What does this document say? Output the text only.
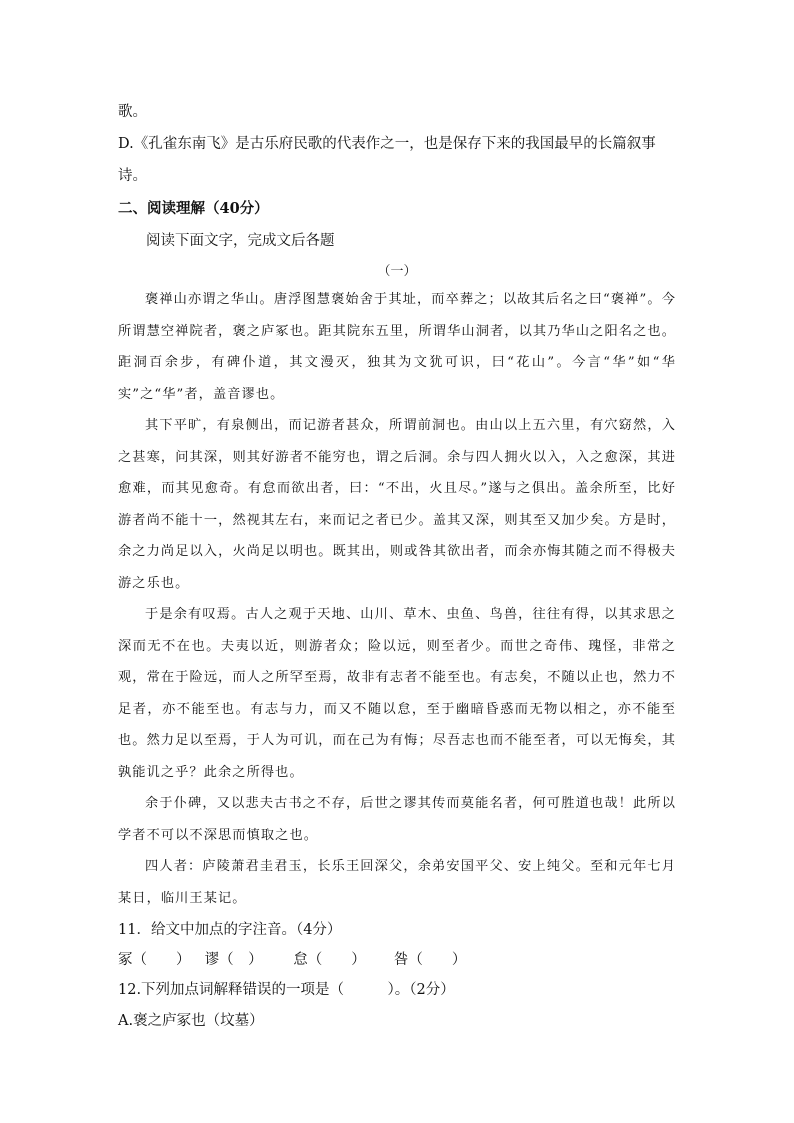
歌。
D.《孔雀东南飞》是古乐府民歌的代表作之一，也是保存下来的我国最早的长篇叙事
诗。
二、阅读理解（40分）
阅读下面文字，完成文后各题
（一）
褒禅山亦谓之华山。唐浮图慧褒始舍于其址，而卒葬之；以故其后名之曰“褒禅”。今所谓慧空禅院者，褒之庐冢也。距其院东五里，所谓华山洞者，以其乃华山之阳名之也。距洞百余步，有碑仆道，其文漫灭，独其为文犹可识，曰“花山”。今言“华”如“华实”之“华”者，盖音谬也。
其下平旷，有泉侧出，而记游者甚众，所谓前洞也。由山以上五六里，有穴窈然，入之甚寒，问其深，则其好游者不能穷也，谓之后洞。余与四人拥火以入，入之愈深，其进愈难，而其见愈奇。有怠而欲出者，曰：“不出，火且尽。”遂与之俱出。盖余所至，比好游者尚不能十一，然视其左右，来而记之者已少。盖其又深，则其至又加少矣。方是时，余之力尚足以入，火尚足以明也。既其出，则或咎其欲出者，而余亦悔其随之而不得极夫游之乐也。
于是余有叹焉。古人之观于天地、山川、草木、虫鱼、鸟兽，往往有得，以其求思之深而无不在也。夫夷以近，则游者众；险以远，则至者少。而世之奇伟、瑰怪，非常之观，常在于险远，而人之所罕至焉，故非有志者不能至也。有志矣，不随以止也，然力不足者，亦不能至也。有志与力，而又不随以怠，至于幽暗昏惑而无物以相之，亦不能至也。然力足以至焉，于人为可讥，而在己为有悔；尽吾志也而不能至者，可以无悔矣，其孰能讥之乎？此余之所得也。
余于仆碑，又以悲夫古书之不存，后世之谬其传而莫能名者，何可胜道也哉！此所以学者不可以不深思而慎取之也。
四人者：庐陵萧君圭君玉，长乐王回深父，余弟安国平父、安上纯父。至和元年七月某日，临川王某记。
11．给文中加点的字注音。（4分）
冢（　　） 谬（　） 怠（　　） 咎（　　）
12.下列加点词解释错误的一项是（　　　）。（2分）
A.褒之庐冢也（坟墓）
